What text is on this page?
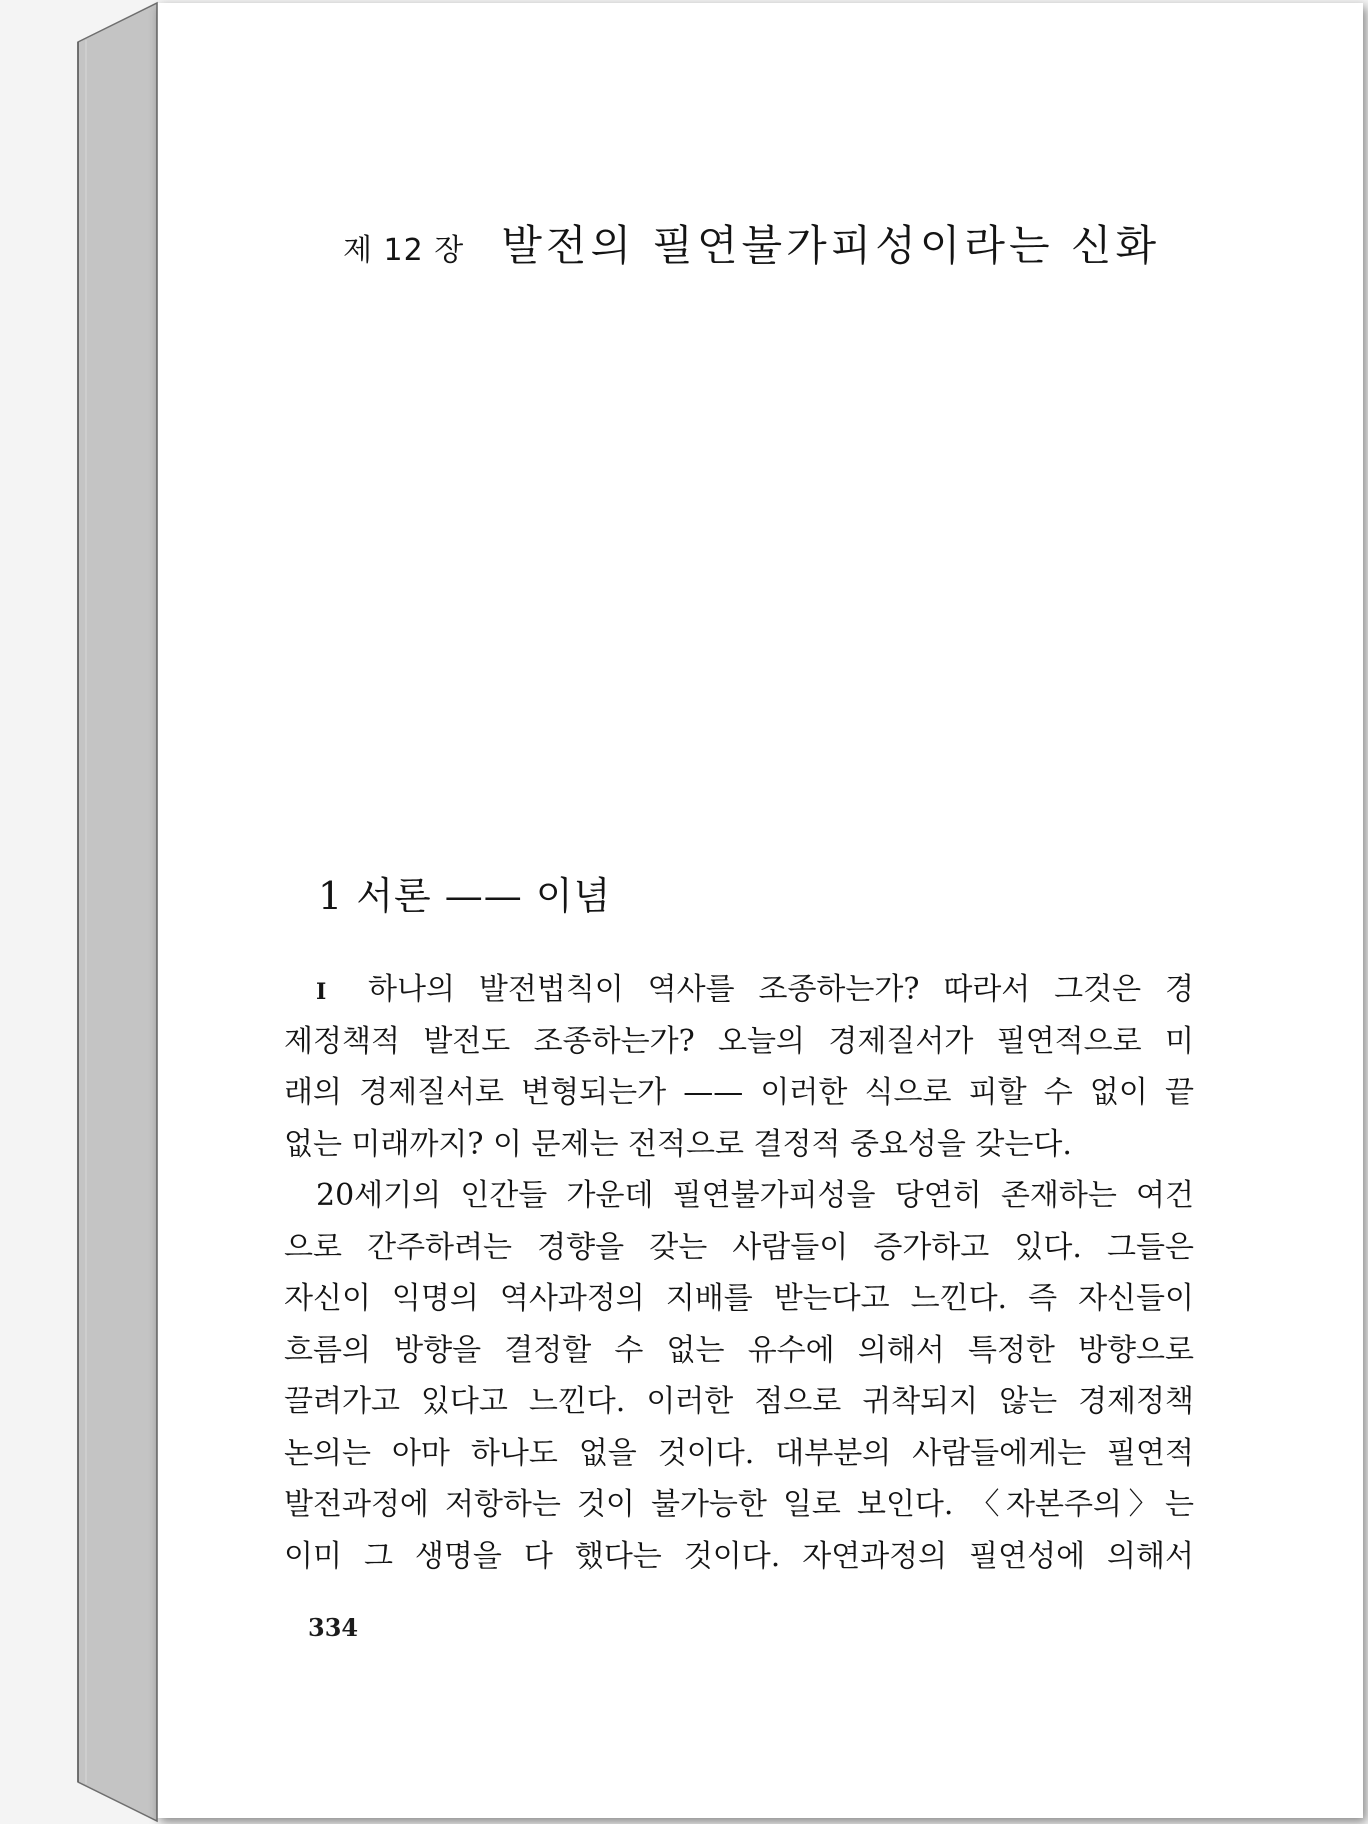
제 12 장 발전의 필연불가피성이라는 신화
1 서론 —— 이념
I 하나의 발전법칙이 역사를 조종하는가? 따라서 그것은 경
제정책적 발전도 조종하는가? 오늘의 경제질서가 필연적으로 미
래의 경제질서로 변형되는가 —— 이러한 식으로 피할 수 없이 끝
없는 미래까지? 이 문제는 전적으로 결정적 중요성을 갖는다.
20세기의 인간들 가운데 필연불가피성을 당연히 존재하는 여건
으로 간주하려는 경향을 갖는 사람들이 증가하고 있다. 그들은
자신이 익명의 역사과정의 지배를 받는다고 느낀다. 즉 자신들이
흐름의 방향을 결정할 수 없는 유수에 의해서 특정한 방향으로
끌려가고 있다고 느낀다. 이러한 점으로 귀착되지 않는 경제정책
논의는 아마 하나도 없을 것이다. 대부분의 사람들에게는 필연적
발전과정에 저항하는 것이 불가능한 일로 보인다. 〈자본주의〉는
이미 그 생명을 다 했다는 것이다. 자연과정의 필연성에 의해서
334
